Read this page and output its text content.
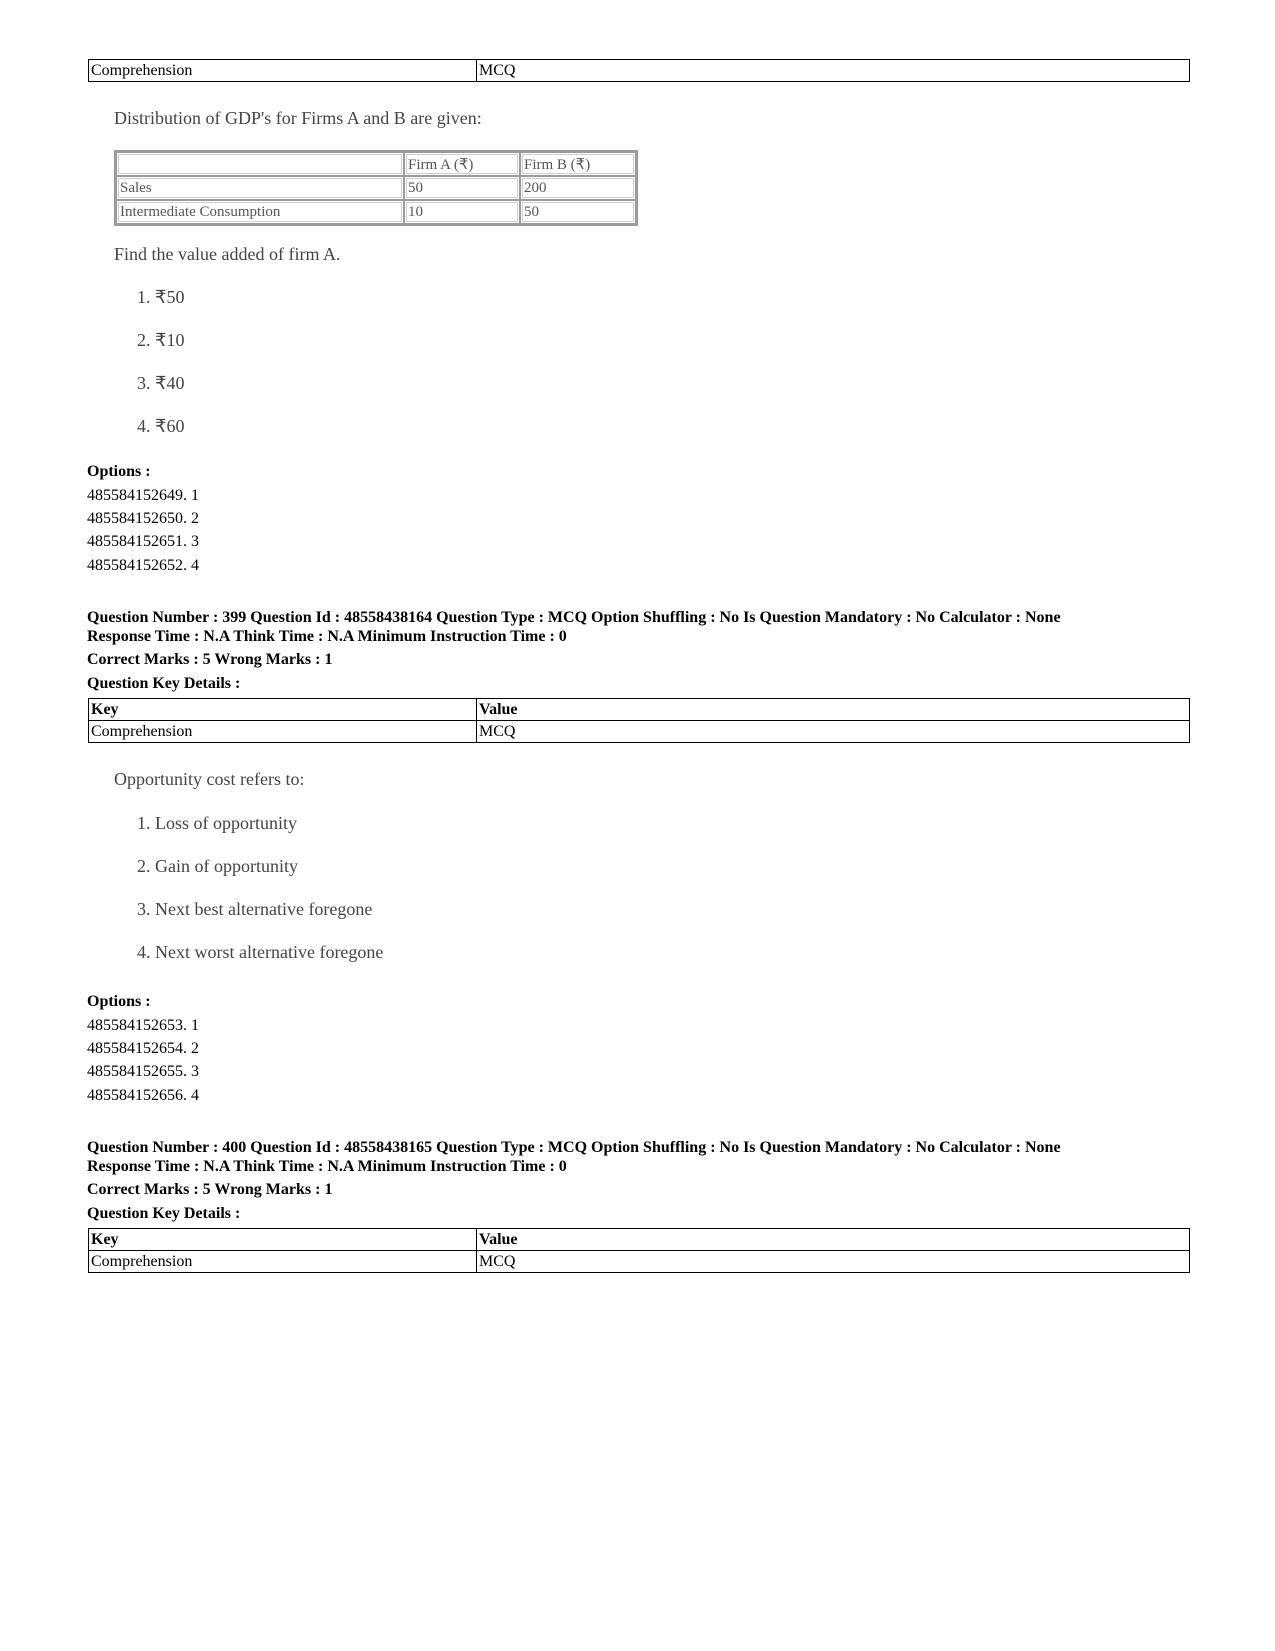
Comprehension	MCQ
Distribution of GDP's for Firms A and B are given:
	Firm A (₹)	Firm B (₹)
Sales	50	200
Intermediate Consumption	10	50
Find the value added of firm A.
1. ₹50
2. ₹10
3. ₹40
4. ₹60
Options :
485584152649. 1
485584152650. 2
485584152651. 3
485584152652. 4
Question Number : 399 Question Id : 48558438164 Question Type : MCQ Option Shuffling : No Is Question Mandatory : No Calculator : None
Response Time : N.A Think Time : N.A Minimum Instruction Time : 0
Correct Marks : 5 Wrong Marks : 1
Question Key Details :
Key	Value
Comprehension	MCQ
Opportunity cost refers to:
1. Loss of opportunity
2. Gain of opportunity
3. Next best alternative foregone
4. Next worst alternative foregone
Options :
485584152653. 1
485584152654. 2
485584152655. 3
485584152656. 4
Question Number : 400 Question Id : 48558438165 Question Type : MCQ Option Shuffling : No Is Question Mandatory : No Calculator : None
Response Time : N.A Think Time : N.A Minimum Instruction Time : 0
Correct Marks : 5 Wrong Marks : 1
Question Key Details :
Key	Value
Comprehension	MCQ
